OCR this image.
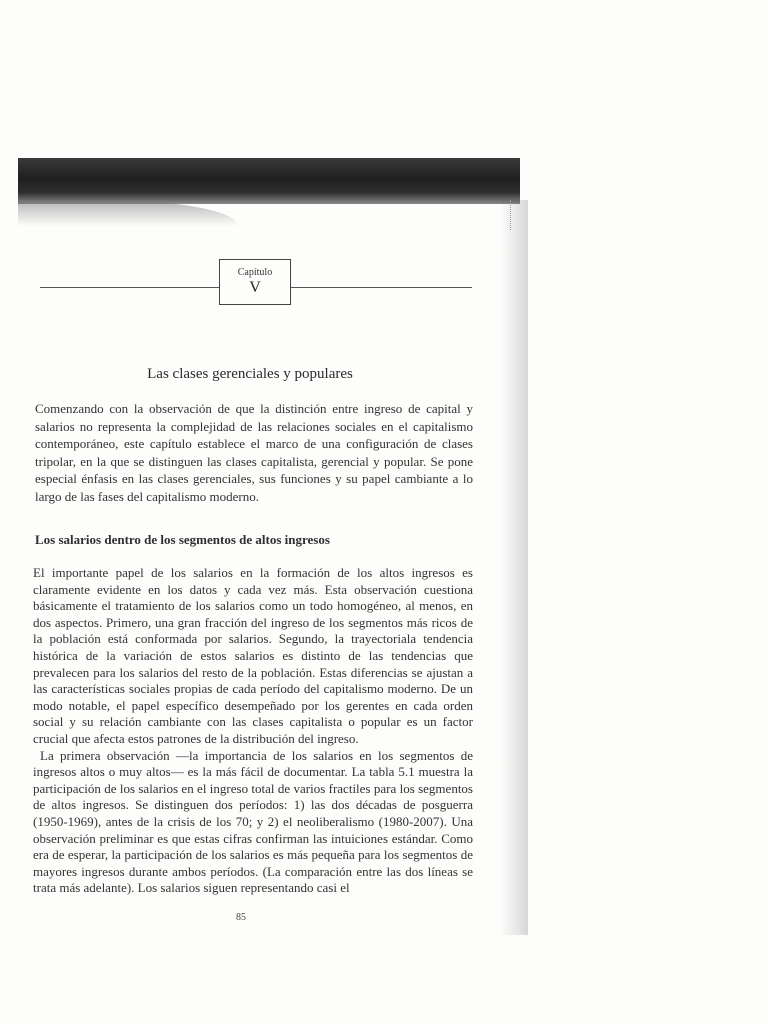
Capítulo
V
Las clases gerenciales y populares

Comenzando con la observación de que la distinción entre ingreso de capital y salarios no representa la complejidad de las relaciones sociales en el capitalismo contemporáneo, este capítulo establece el marco de una configuración de clases tripolar, en la que se distinguen las clases capitalista, gerencial y popular. Se pone especial énfasis en las clases gerenciales, sus funciones y su papel cambiante a lo largo de las fases del capitalismo moderno.

Los salarios dentro de los segmentos de altos ingresos

El importante papel de los salarios en la formación de los altos ingresos es claramente evidente en los datos y cada vez más. Esta observación cuestiona básicamente el tratamiento de los salarios como un todo homogéneo, al menos, en dos aspectos. Primero, una gran fracción del ingreso de los segmentos más ricos de la población está conformada por salarios. Segundo, la trayectoriala tendencia histórica de la variación de estos salarios es distinto de las tendencias que prevalecen para los salarios del resto de la población. Estas diferencias se ajustan a las características sociales propias de cada período del capitalismo moderno. De un modo notable, el papel específico desempeñado por los gerentes en cada orden social y su relación cambiante con las clases capitalista o popular es un factor crucial que afecta estos patrones de la distribución del ingreso.

La primera observación —la importancia de los salarios en los segmentos de ingresos altos o muy altos— es la más fácil de documentar. La tabla 5.1 muestra la participación de los salarios en el ingreso total de varios fractiles para los segmentos de altos ingresos. Se distinguen dos períodos: 1) las dos décadas de posguerra (1950-1969), antes de la crisis de los 70; y 2) el neoliberalismo (1980-2007). Una observación preliminar es que estas cifras confirman las intuiciones estándar. Como era de esperar, la participación de los salarios es más pequeña para los segmentos de mayores ingresos durante ambos períodos. (La comparación entre las dos líneas se trata más adelante). Los salarios siguen representando casi el

85
